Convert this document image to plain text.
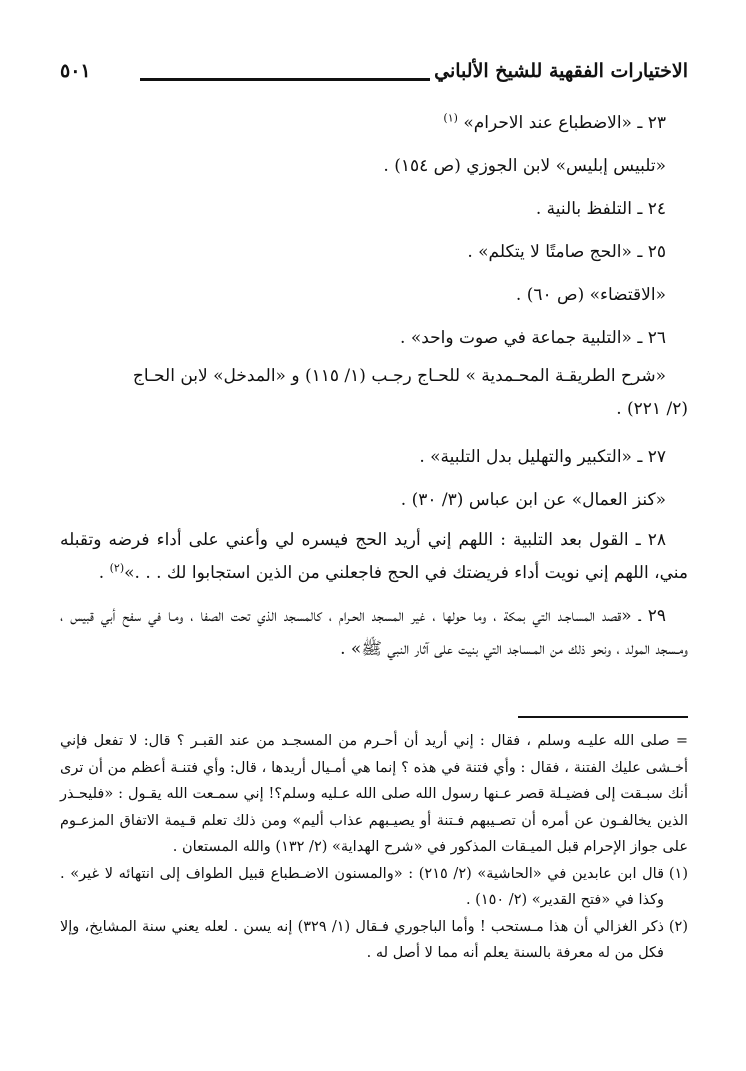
الاختيارات الفقهية للشيخ الألباني
٥٠١
٢٣ ـ «الاضطباع عند الاحرام» $^{(١)}$
«تلبيس إبليس» لابن الجوزي (ص ١٥٤) .
٢٤ ـ التلفظ بالنية .
٢٥ ـ «الحج صامتًا لا يتكلم» .
«الاقتضاء» (ص ٦٠) .
٢٦ ـ «التلبية جماعة في صوت واحد» .
«شرح الطريقـة المحـمدية » للحـاج رجـب (١/ ١١٥) و «المدخل» لابن الحـاج
(٢/ ٢٢١) .
٢٧ ـ «التكبير والتهليل بدل التلبية» .
«كنز العمال» عن ابن عباس (٣/ ٣٠) .
٢٨ ـ القول بعد التلبية : اللهم إني أريد الحج فيسره لي وأعني على أداء فرضه وتقبله مني، اللهم إني نويت أداء فريضتك في الحج فاجعلني من الذين استجابوا لك . . .»$^{(٢)}$ .
٢٩ ـ «قصد المساجـد التي بمكة ، وما حولها ، غير المسجد الحـرام ، كالمسجد الذي تحت الصفا ، ومـا في سفح أبي قبيس ، ومـسجد المولد ، ونحو ذلك من المـساجد التي بنيت على آثار النبي ﷺ» .

= صلى الله عليـه وسلم ، فقال : إني أريد أن أحـرم من المسجـد من عند القبـر ؟ قال: لا تفعل فإني أخـشى عليك الفتنة ، فقال : وأي فتنة في هذه ؟ إنما هي أمـيال أريدها ، قال: وأي فتنـة أعظم من أن ترى أنك سبـقت إلى فضيـلة قصر عـنها رسول الله صلى الله عـليه وسلم؟! إني سمـعت الله يقـول : «فليحـذر الذين يخالفـون عن أمره أن تصـيبهم فـتنة أو يصيـبهم عذاب أليم» ومن ذلك تعلم قـيمة الاتفاق المزعـوم على جواز الإحرام قبل الميـقات المذكور في «شرح الهداية» (٢/ ١٣٢) والله المستعان .

(١)
قال ابن عابدين في «الحاشية» (٢/ ٢١٥) : «والمسنون الاضـطباع قبيل الطواف إلى انتهائه لا غير» . وكذا في «فتح القدير» (٢/ ١٥٠) .

(٢)
ذكر الغزالي أن هذا مـستحب ! وأما الباجوري فـقال (١/ ٣٢٩) إنه يسن . لعله يعني سنة المشايخ، وإلا فكل من له معرفة بالسنة يعلم أنه مما لا أصل له .
